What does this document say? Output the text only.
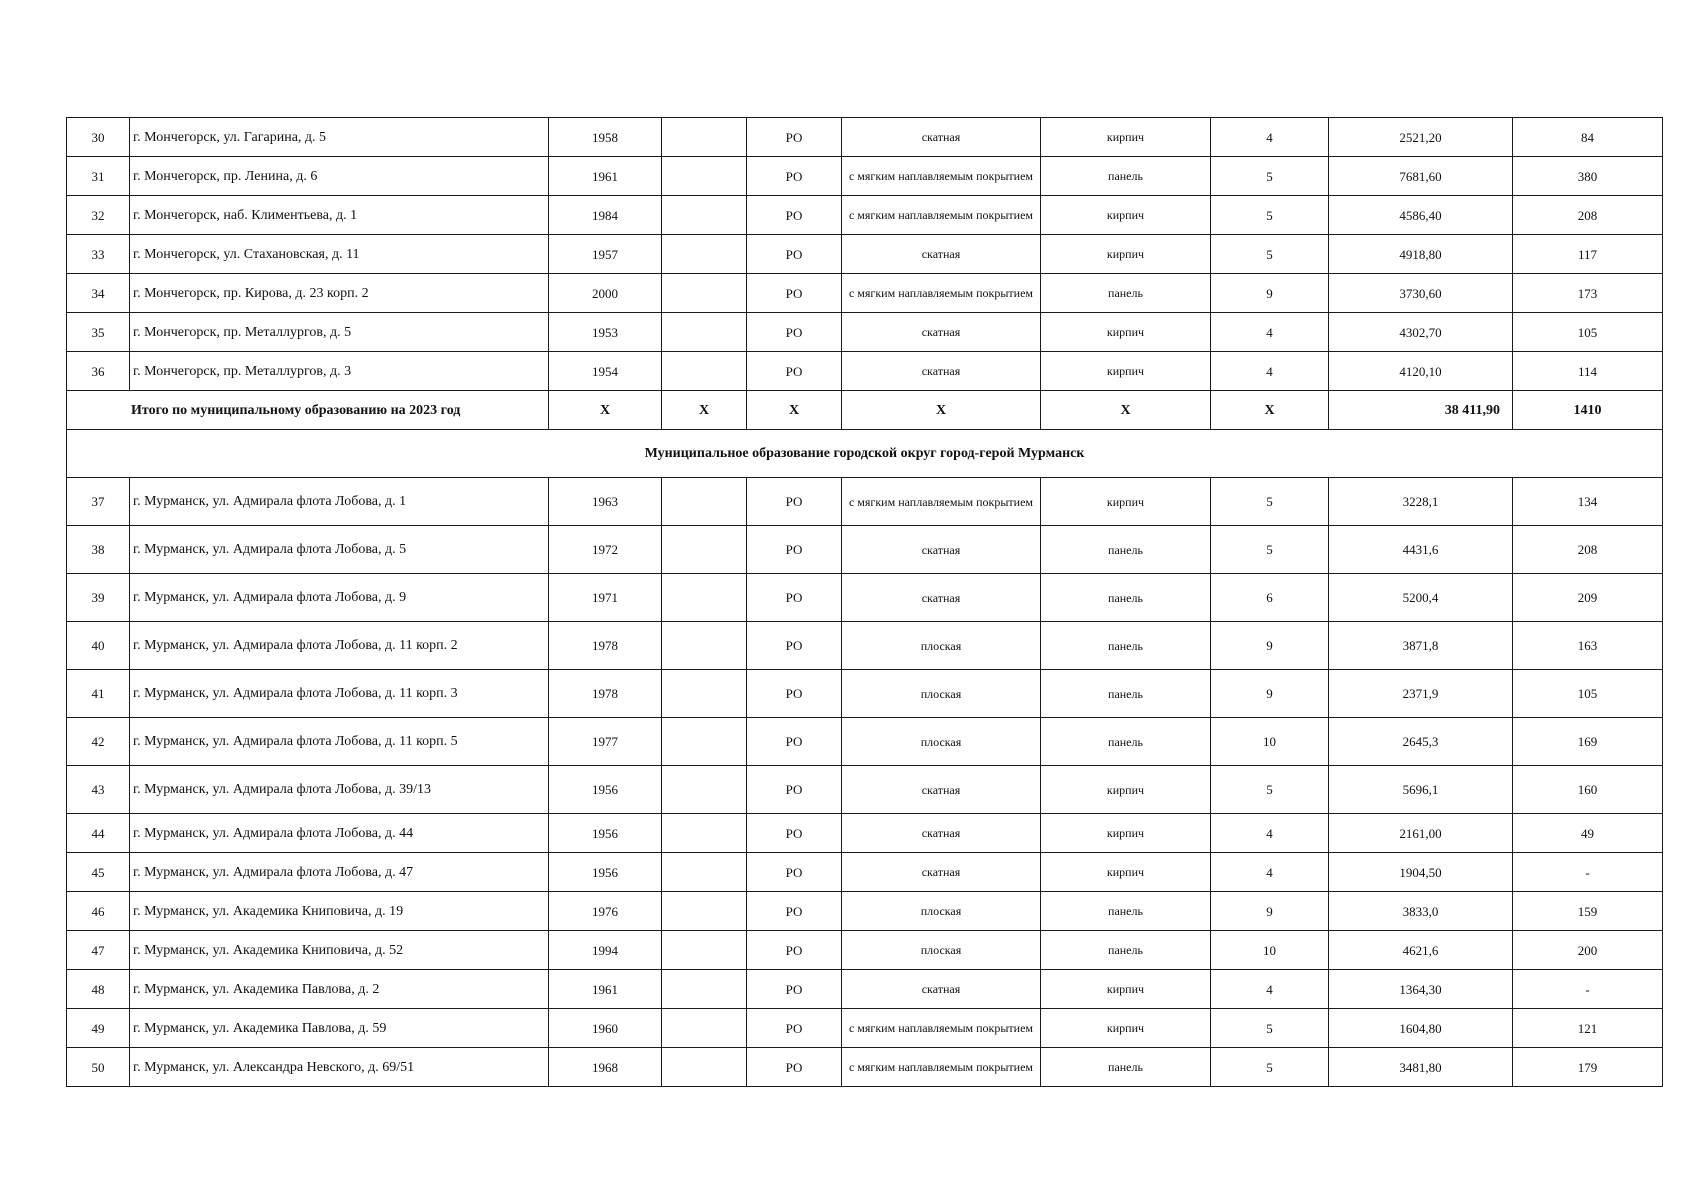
30	г. Мончегорск, ул. Гагарина, д. 5	1958		РО	скатная	кирпич	4	2521,20	84
31	г. Мончегорск, пр. Ленина, д. 6	1961		РО	с мягким наплавляемым покрытием	панель	5	7681,60	380
32	г. Мончегорск, наб. Климентьева, д. 1	1984		РО	с мягким наплавляемым покрытием	кирпич	5	4586,40	208
33	г. Мончегорск, ул. Стахановская, д. 11	1957		РО	скатная	кирпич	5	4918,80	117
34	г. Мончегорск, пр. Кирова, д. 23 корп. 2	2000		РО	с мягким наплавляемым покрытием	панель	9	3730,60	173
35	г. Мончегорск, пр. Металлургов, д. 5	1953		РО	скатная	кирпич	4	4302,70	105
36	г. Мончегорск, пр. Металлургов, д. 3	1954		РО	скатная	кирпич	4	4120,10	114
Итого по муниципальному образованию на 2023 год		X	X	X	X	X	X	38 411,90	1410
Муниципальное образование городской округ город-герой Мурманск									
37	г. Мурманск, ул. Адмирала флота Лобова, д. 1	1963		РО	с мягким наплавляемым покрытием	кирпич	5	3228,1	134
38	г. Мурманск, ул. Адмирала флота Лобова, д. 5	1972		РО	скатная	панель	5	4431,6	208
39	г. Мурманск, ул. Адмирала флота Лобова, д. 9	1971		РО	скатная	панель	6	5200,4	209
40	г. Мурманск, ул. Адмирала флота Лобова, д. 11 корп. 2	1978		РО	плоская	панель	9	3871,8	163
41	г. Мурманск, ул. Адмирала флота Лобова, д. 11 корп. 3	1978		РО	плоская	панель	9	2371,9	105
42	г. Мурманск, ул. Адмирала флота Лобова, д. 11 корп. 5	1977		РО	плоская	панель	10	2645,3	169
43	г. Мурманск, ул. Адмирала флота Лобова, д. 39/13	1956		РО	скатная	кирпич	5	5696,1	160
44	г. Мурманск, ул. Адмирала флота Лобова, д. 44	1956		РО	скатная	кирпич	4	2161,00	49
45	г. Мурманск, ул. Адмирала флота Лобова, д. 47	1956		РО	скатная	кирпич	4	1904,50	-
46	г. Мурманск, ул. Академика Книповича, д. 19	1976		РО	плоская	панель	9	3833,0	159
47	г. Мурманск, ул. Академика Книповича, д. 52	1994		РО	плоская	панель	10	4621,6	200
48	г. Мурманск, ул. Академика Павлова, д. 2	1961		РО	скатная	кирпич	4	1364,30	-
49	г. Мурманск, ул. Академика Павлова, д. 59	1960		РО	с мягким наплавляемым покрытием	кирпич	5	1604,80	121
50	г. Мурманск, ул. Александра Невского, д. 69/51	1968		РО	с мягким наплавляемым покрытием	панель	5	3481,80	179
